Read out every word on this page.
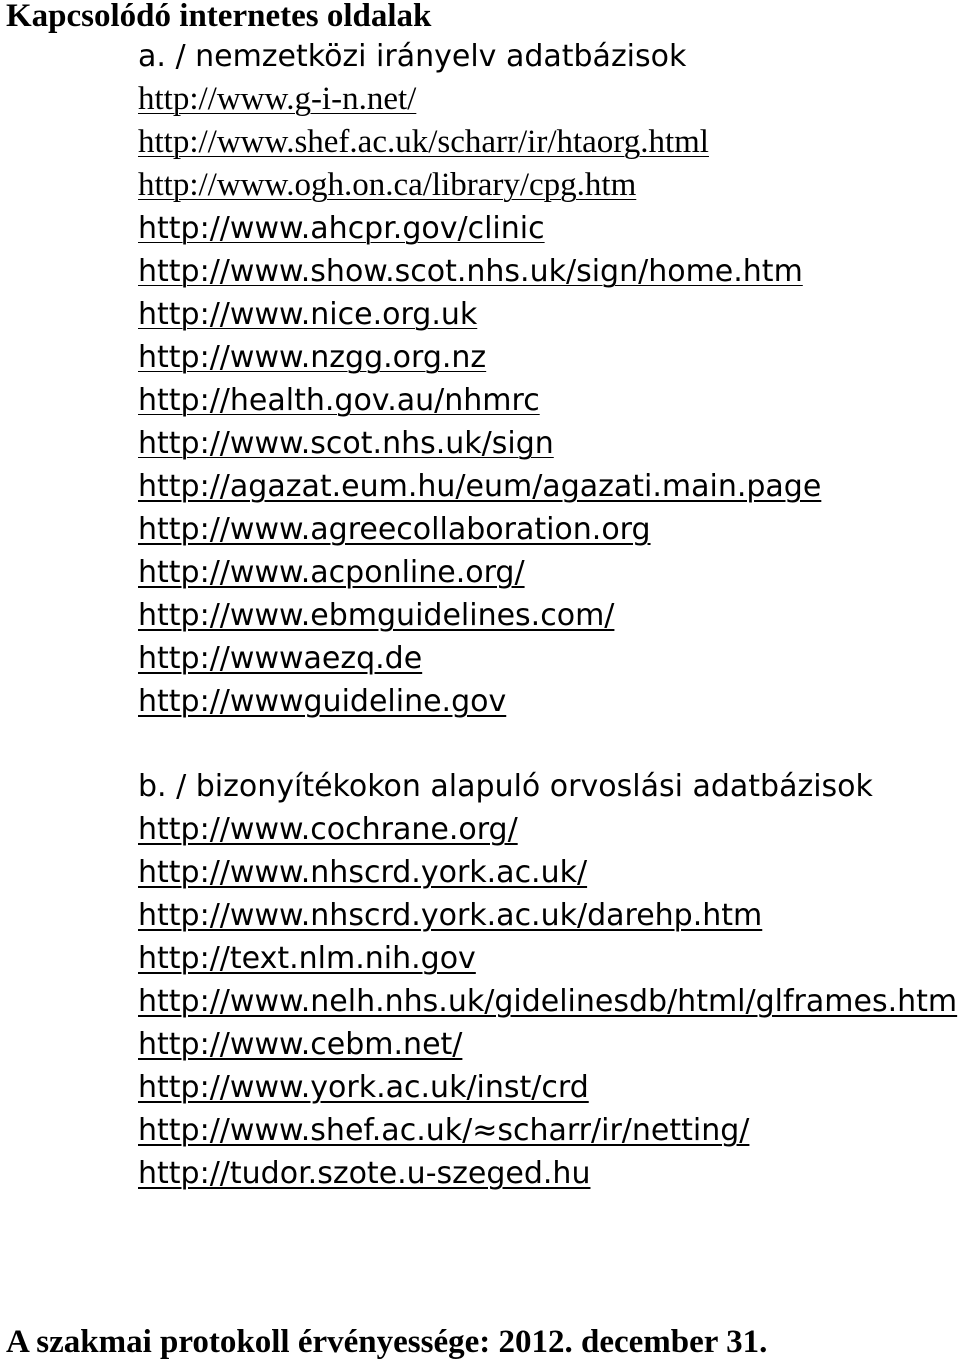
Kapcsolódó internetes oldalak
a. / nemzetközi irányelv adatbázisok
http://www.g-i-n.net/
http://www.shef.ac.uk/scharr/ir/htaorg.html
http://www.ogh.on.ca/library/cpg.htm
http://www.ahcpr.gov/clinic
http://www.show.scot.nhs.uk/sign/home.htm
http://www.nice.org.uk
http://www.nzgg.org.nz
http://health.gov.au/nhmrc
http://www.scot.nhs.uk/sign
http://agazat.eum.hu/eum/agazati.main.page
http://www.agreecollaboration.org
http://www.acponline.org/
http://www.ebmguidelines.com/
http://wwwaezq.de
http://wwwguideline.gov
b. / bizonyítékokon alapuló orvoslási adatbázisok
http://www.cochrane.org/
http://www.nhscrd.york.ac.uk/
http://www.nhscrd.york.ac.uk/darehp.htm
http://text.nlm.nih.gov
http://www.nelh.nhs.uk/gidelinesdb/html/glframes.htm
http://www.cebm.net/
http://www.york.ac.uk/inst/crd
http://www.shef.ac.uk/≈scharr/ir/netting/
http://tudor.szote.u-szeged.hu
A szakmai protokoll érvényessége: 2012. december 31.
